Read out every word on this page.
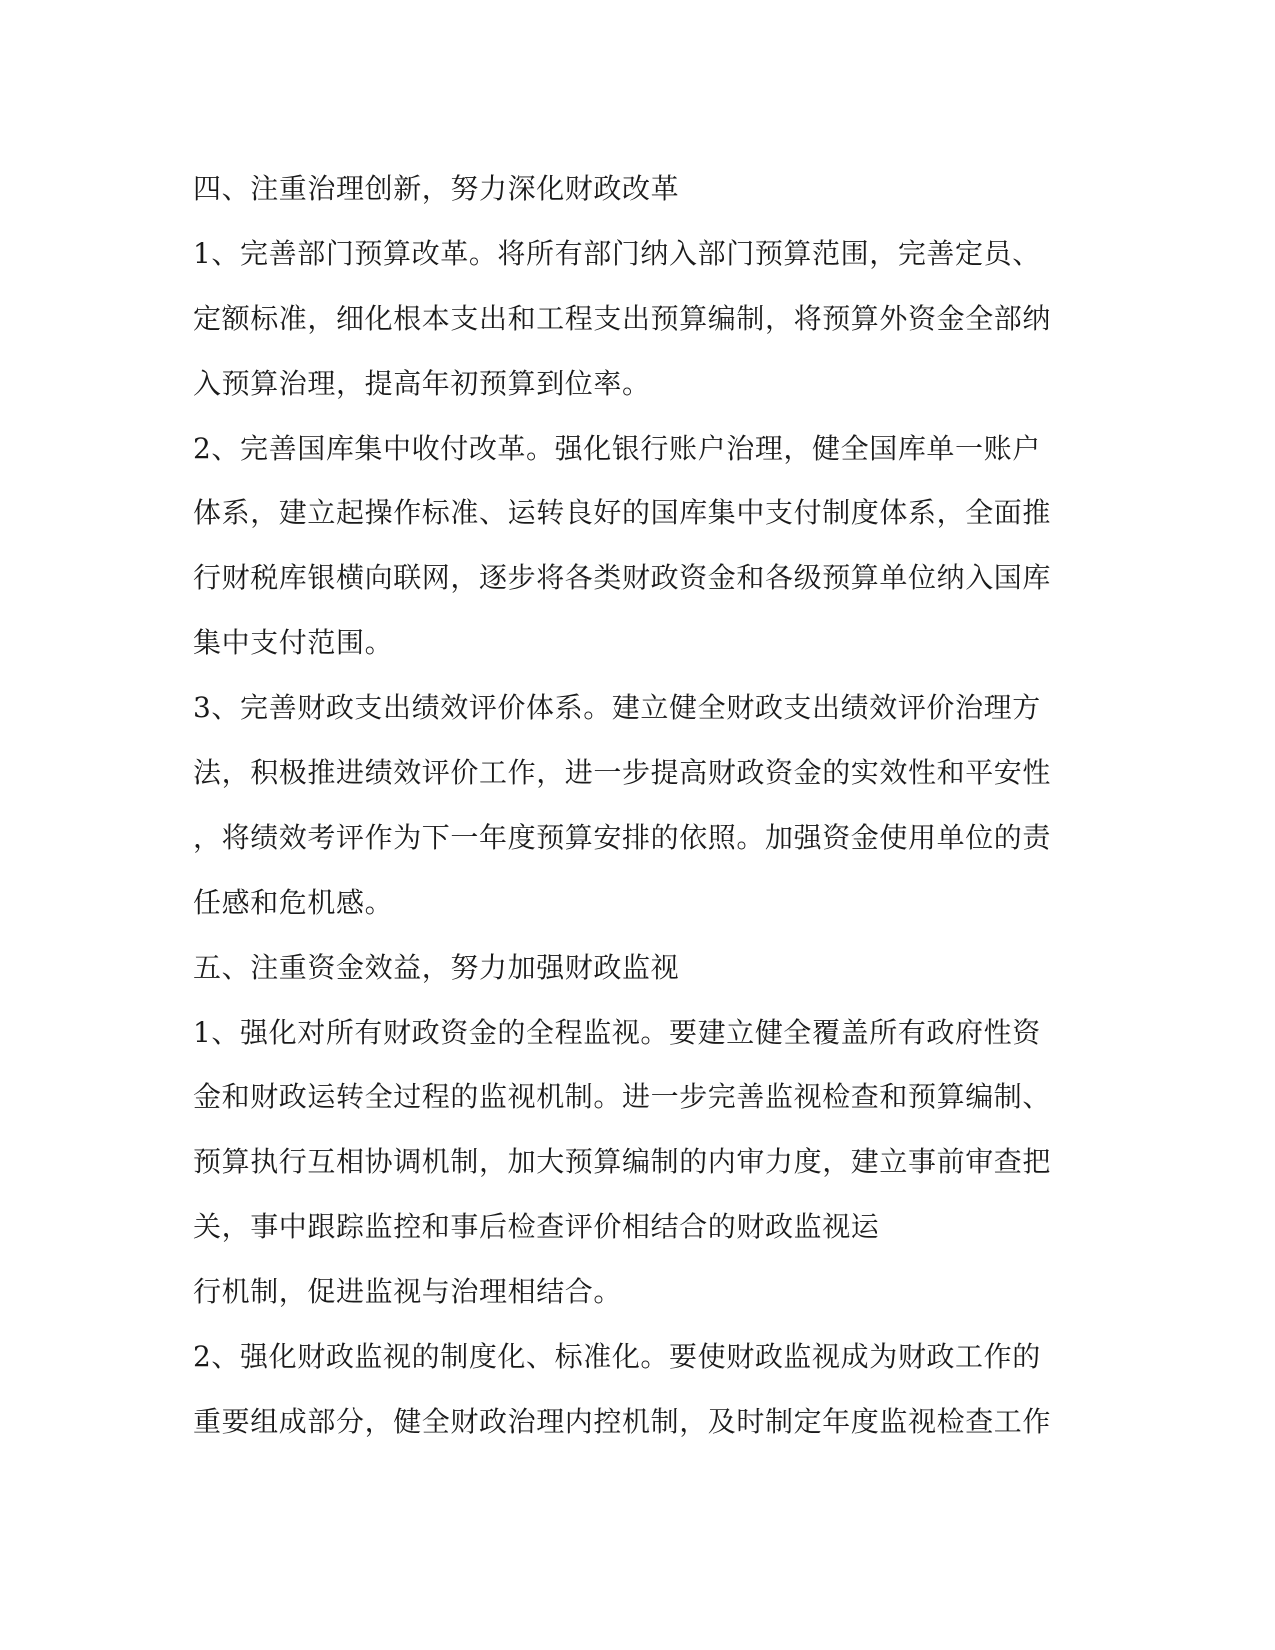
四、注重治理创新，努力深化财政改革
1、完善部门预算改革。将所有部门纳入部门预算范围，完善定员、
定额标准，细化根本支出和工程支出预算编制，将预算外资金全部纳
入预算治理，提高年初预算到位率。
2、完善国库集中收付改革。强化银行账户治理，健全国库单一账户
体系，建立起操作标准、运转良好的国库集中支付制度体系，全面推
行财税库银横向联网，逐步将各类财政资金和各级预算单位纳入国库
集中支付范围。
3、完善财政支出绩效评价体系。建立健全财政支出绩效评价治理方
法，积极推进绩效评价工作，进一步提高财政资金的实效性和平安性
，将绩效考评作为下一年度预算安排的依照。加强资金使用单位的责
任感和危机感。
五、注重资金效益，努力加强财政监视
1、强化对所有财政资金的全程监视。要建立健全覆盖所有政府性资
金和财政运转全过程的监视机制。进一步完善监视检查和预算编制、
预算执行互相协调机制，加大预算编制的内审力度，建立事前审查把
关，事中跟踪监控和事后检查评价相结合的财政监视运
行机制，促进监视与治理相结合。
2、强化财政监视的制度化、标准化。要使财政监视成为财政工作的
重要组成部分，健全财政治理内控机制，及时制定年度监视检查工作
